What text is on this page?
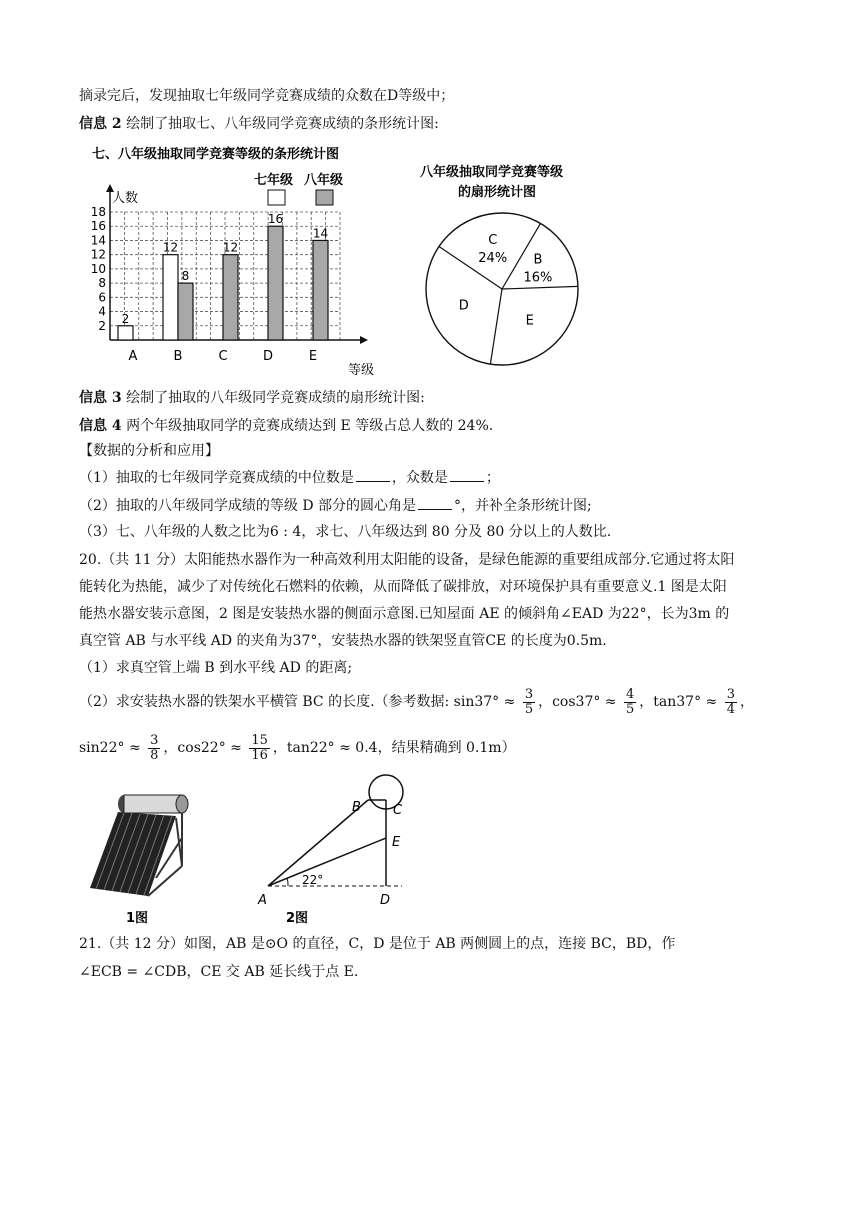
摘录完后，发现抽取七年级同学竞赛成绩的众数在D等级中；
信息 2 绘制了抽取七、八年级同学竞赛成绩的条形统计图:
七、八年级抽取同学竞赛等级的条形统计图
2
12
8
12
16
14
2
4
6
8
10
12
14
16
18
A	B	C	D	E
人数
等级
七年级 八年级
八年级抽取同学竞赛等级
的扇形统计图
C
24% B
16%
E
D
信息 3 绘制了抽取的八年级同学竞赛成绩的扇形统计图:
信息 4 两个年级抽取同学的竞赛成绩达到 E 等级占总人数的 24%.
【数据的分析和应用】
（1）抽取的七年级同学竞赛成绩的中位数是	，众数是	；
（2）抽取的八年级同学成绩的等级 D 部分的圆心角是	°，并补全条形统计图;
（3）七、八年级的人数之比为6 : 4，求七、八年级达到 80 分及 80 分以上的人数比.
20.（共 11 分）太阳能热水器作为一种高效利用太阳能的设备，是绿色能源的重要组成部分.它通过将太阳
能转化为热能，减少了对传统化石燃料的依赖，从而降低了碳排放，对环境保护具有重要意义.1 图是太阳
能热水器安装示意图，2 图是安装热水器的侧面示意图.已知屋面 AE 的倾斜角∠EAD 为22°，长为3m 的
真空管 AB 与水平线 AD 的夹角为37°，安装热水器的铁架竖直管CE 的长度为0.5m.
（1）求真空管上端 B 到水平线 AD 的距离;
（2）求安装热水器的铁架水平横管 BC 的长度.（参考数据: $\sin 37^\circ \approx \frac{3}{5}$ ，$\cos 37^\circ \approx \frac{4}{5}$ ，$\tan 37^\circ \approx \frac{3}{4}$ ，
$\sin 22^\circ \approx \frac{3}{8}$ ，$\cos 22^\circ \approx \frac{15}{16}$ ，tan22° ≈ 0.4，结果精确到 0.1m）
1图
B C
E
A	D
22°
2图
21.（共 12 分）如图，AB 是⊙O 的直径，C，D 是位于 AB 两侧圆上的点，连接 BC，BD，作
∠ECB = ∠CDB，CE 交 AB 延长线于点 E.
